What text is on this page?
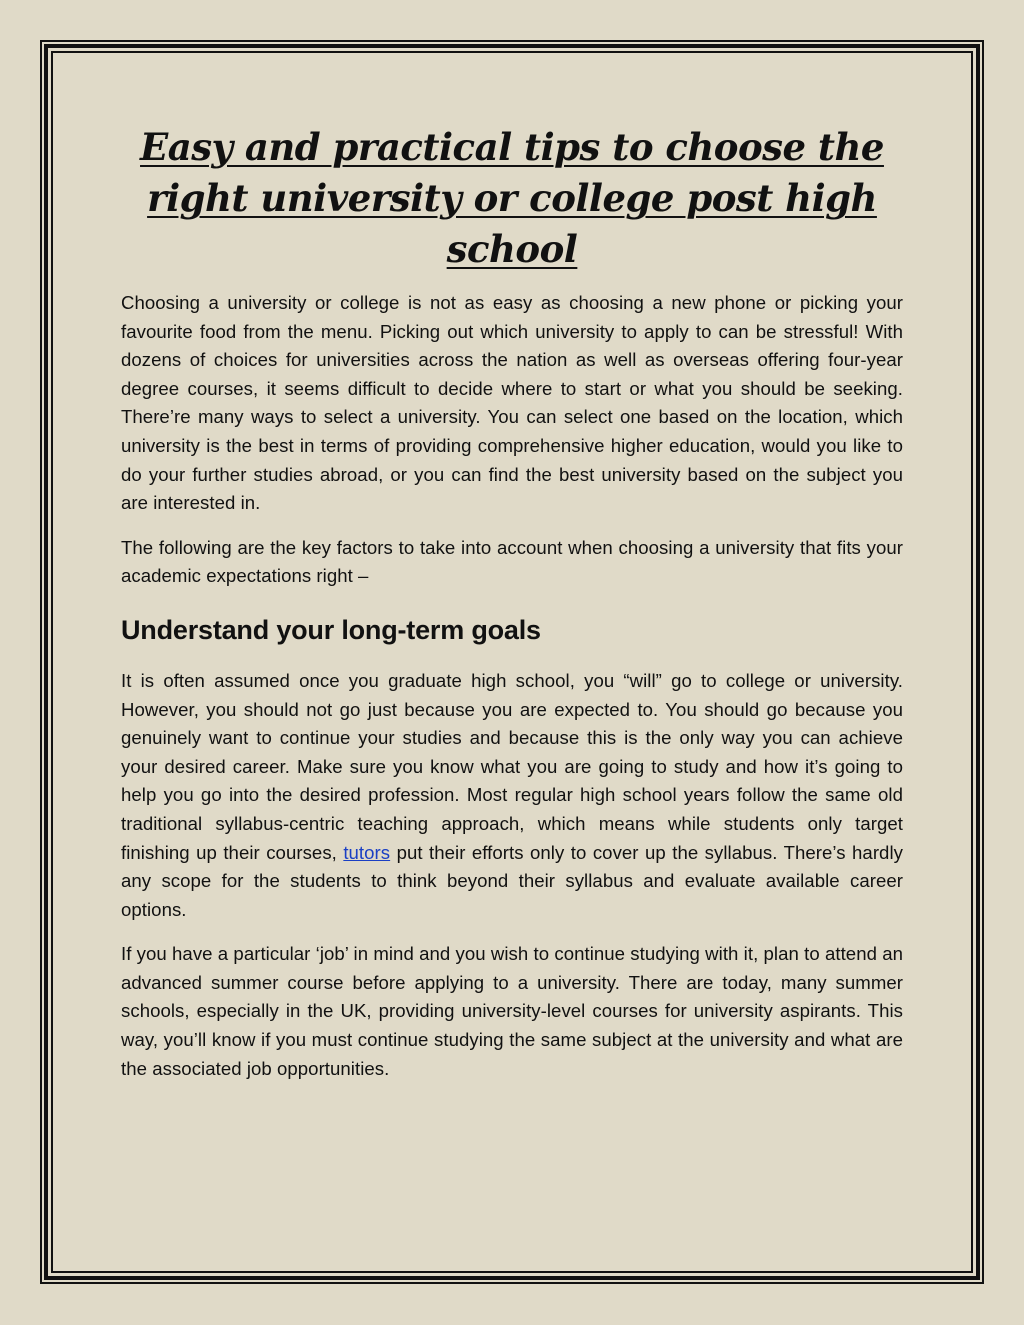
Easy and practical tips to choose the right university or college post high school

Choosing a university or college is not as easy as choosing a new phone or picking your favourite food from the menu. Picking out which university to apply to can be stressful! With dozens of choices for universities across the nation as well as overseas offering four-year degree courses, it seems difficult to decide where to start or what you should be seeking. There’re many ways to select a university. You can select one based on the location, which university is the best in terms of providing comprehensive higher education, would you like to do your further studies abroad, or you can find the best university based on the subject you are interested in.

The following are the key factors to take into account when choosing a university that fits your academic expectations right –

Understand your long-term goals

It is often assumed once you graduate high school, you “will” go to college or university. However, you should not go just because you are expected to. You should go because you genuinely want to continue your studies and because this is the only way you can achieve your desired career. Make sure you know what you are going to study and how it’s going to help you go into the desired profession. Most regular high school years follow the same old traditional syllabus-centric teaching approach, which means while students only target finishing up their courses, tutors put their efforts only to cover up the syllabus. There’s hardly any scope for the students to think beyond their syllabus and evaluate available career options.

If you have a particular ‘job’ in mind and you wish to continue studying with it, plan to attend an advanced summer course before applying to a university. There are today, many summer schools, especially in the UK, providing university-level courses for university aspirants. This way, you’ll know if you must continue studying the same subject at the university and what are the associated job opportunities.
